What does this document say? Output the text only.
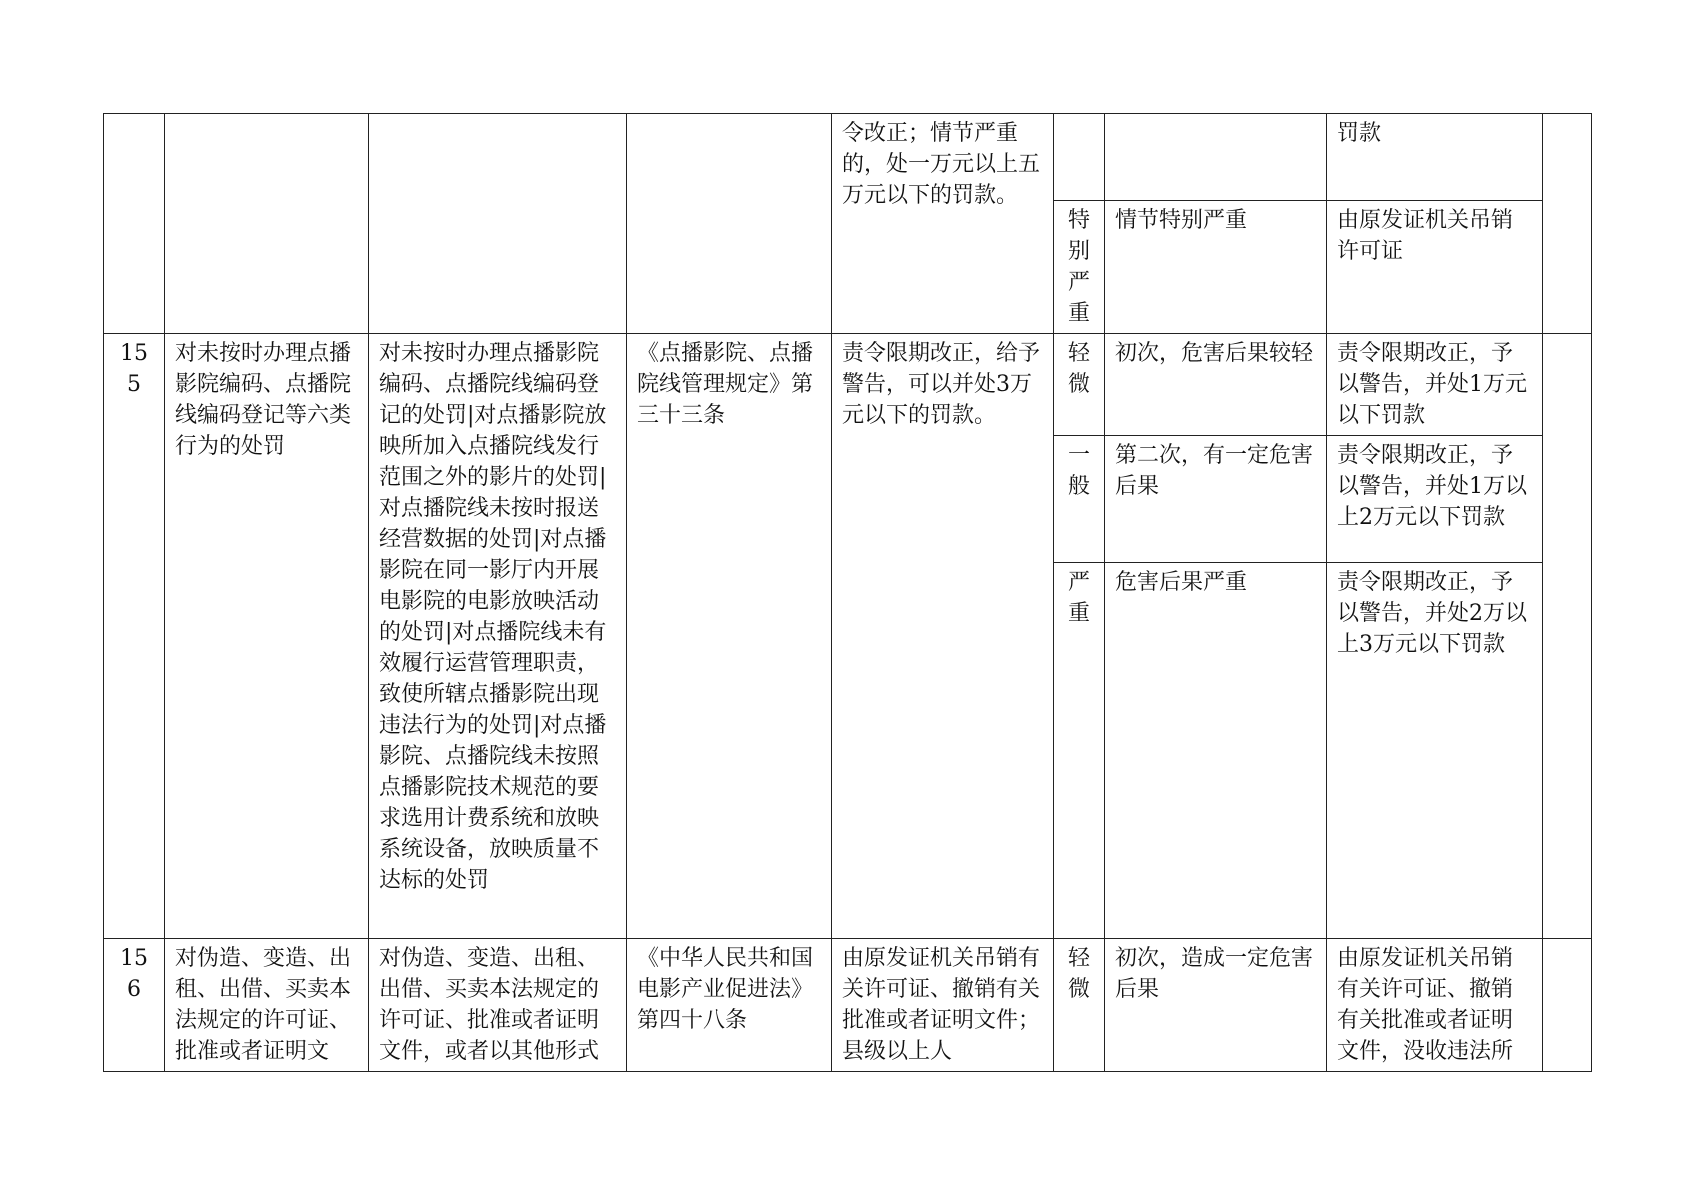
				令改正；情节严重的，处一万元以上五万元以下的罚款。			罚款	

					特别严重	情节特别严重	由原发证机关吊销许可证	
155	对未按时办理点播影院编码、点播院线编码登记等六类行为的处罚	对未按时办理点播影院编码、点播院线编码登记的处罚|对点播影院放映所加入点播院线发行范围之外的影片的处罚|对点播院线未按时报送经营数据的处罚|对点播影院在同一影厅内开展电影院的电影放映活动的处罚|对点播院线未有效履行运营管理职责，致使所辖点播影院出现违法行为的处罚|对点播影院、点播院线未按照点播影院技术规范的要求选用计费系统和放映系统设备，放映质量不达标的处罚	《点播影院、点播院线管理规定》第三十三条	责令限期改正，给予警告，可以并处3万元以下的罚款。	轻微	初次，危害后果较轻	责令限期改正，予以警告，并处1万元以下罚款	

					一般	第二次，有一定危害后果	责令限期改正，予以警告，并处1万以上2万元以下罚款	

					严重	危害后果严重	责令限期改正，予以警告，并处2万以上3万元以下罚款	
156	对伪造、变造、出租、出借、买卖本法规定的许可证、批准或者证明文	对伪造、变造、出租、出借、买卖本法规定的许可证、批准或者证明文件，或者以其他形式	《中华人民共和国电影产业促进法》第四十八条	由原发证机关吊销有关许可证、撤销有关批准或者证明文件；县级以上人	轻微	初次，造成一定危害后果	由原发证机关吊销有关许可证、撤销有关批准或者证明文件，没收违法所	
